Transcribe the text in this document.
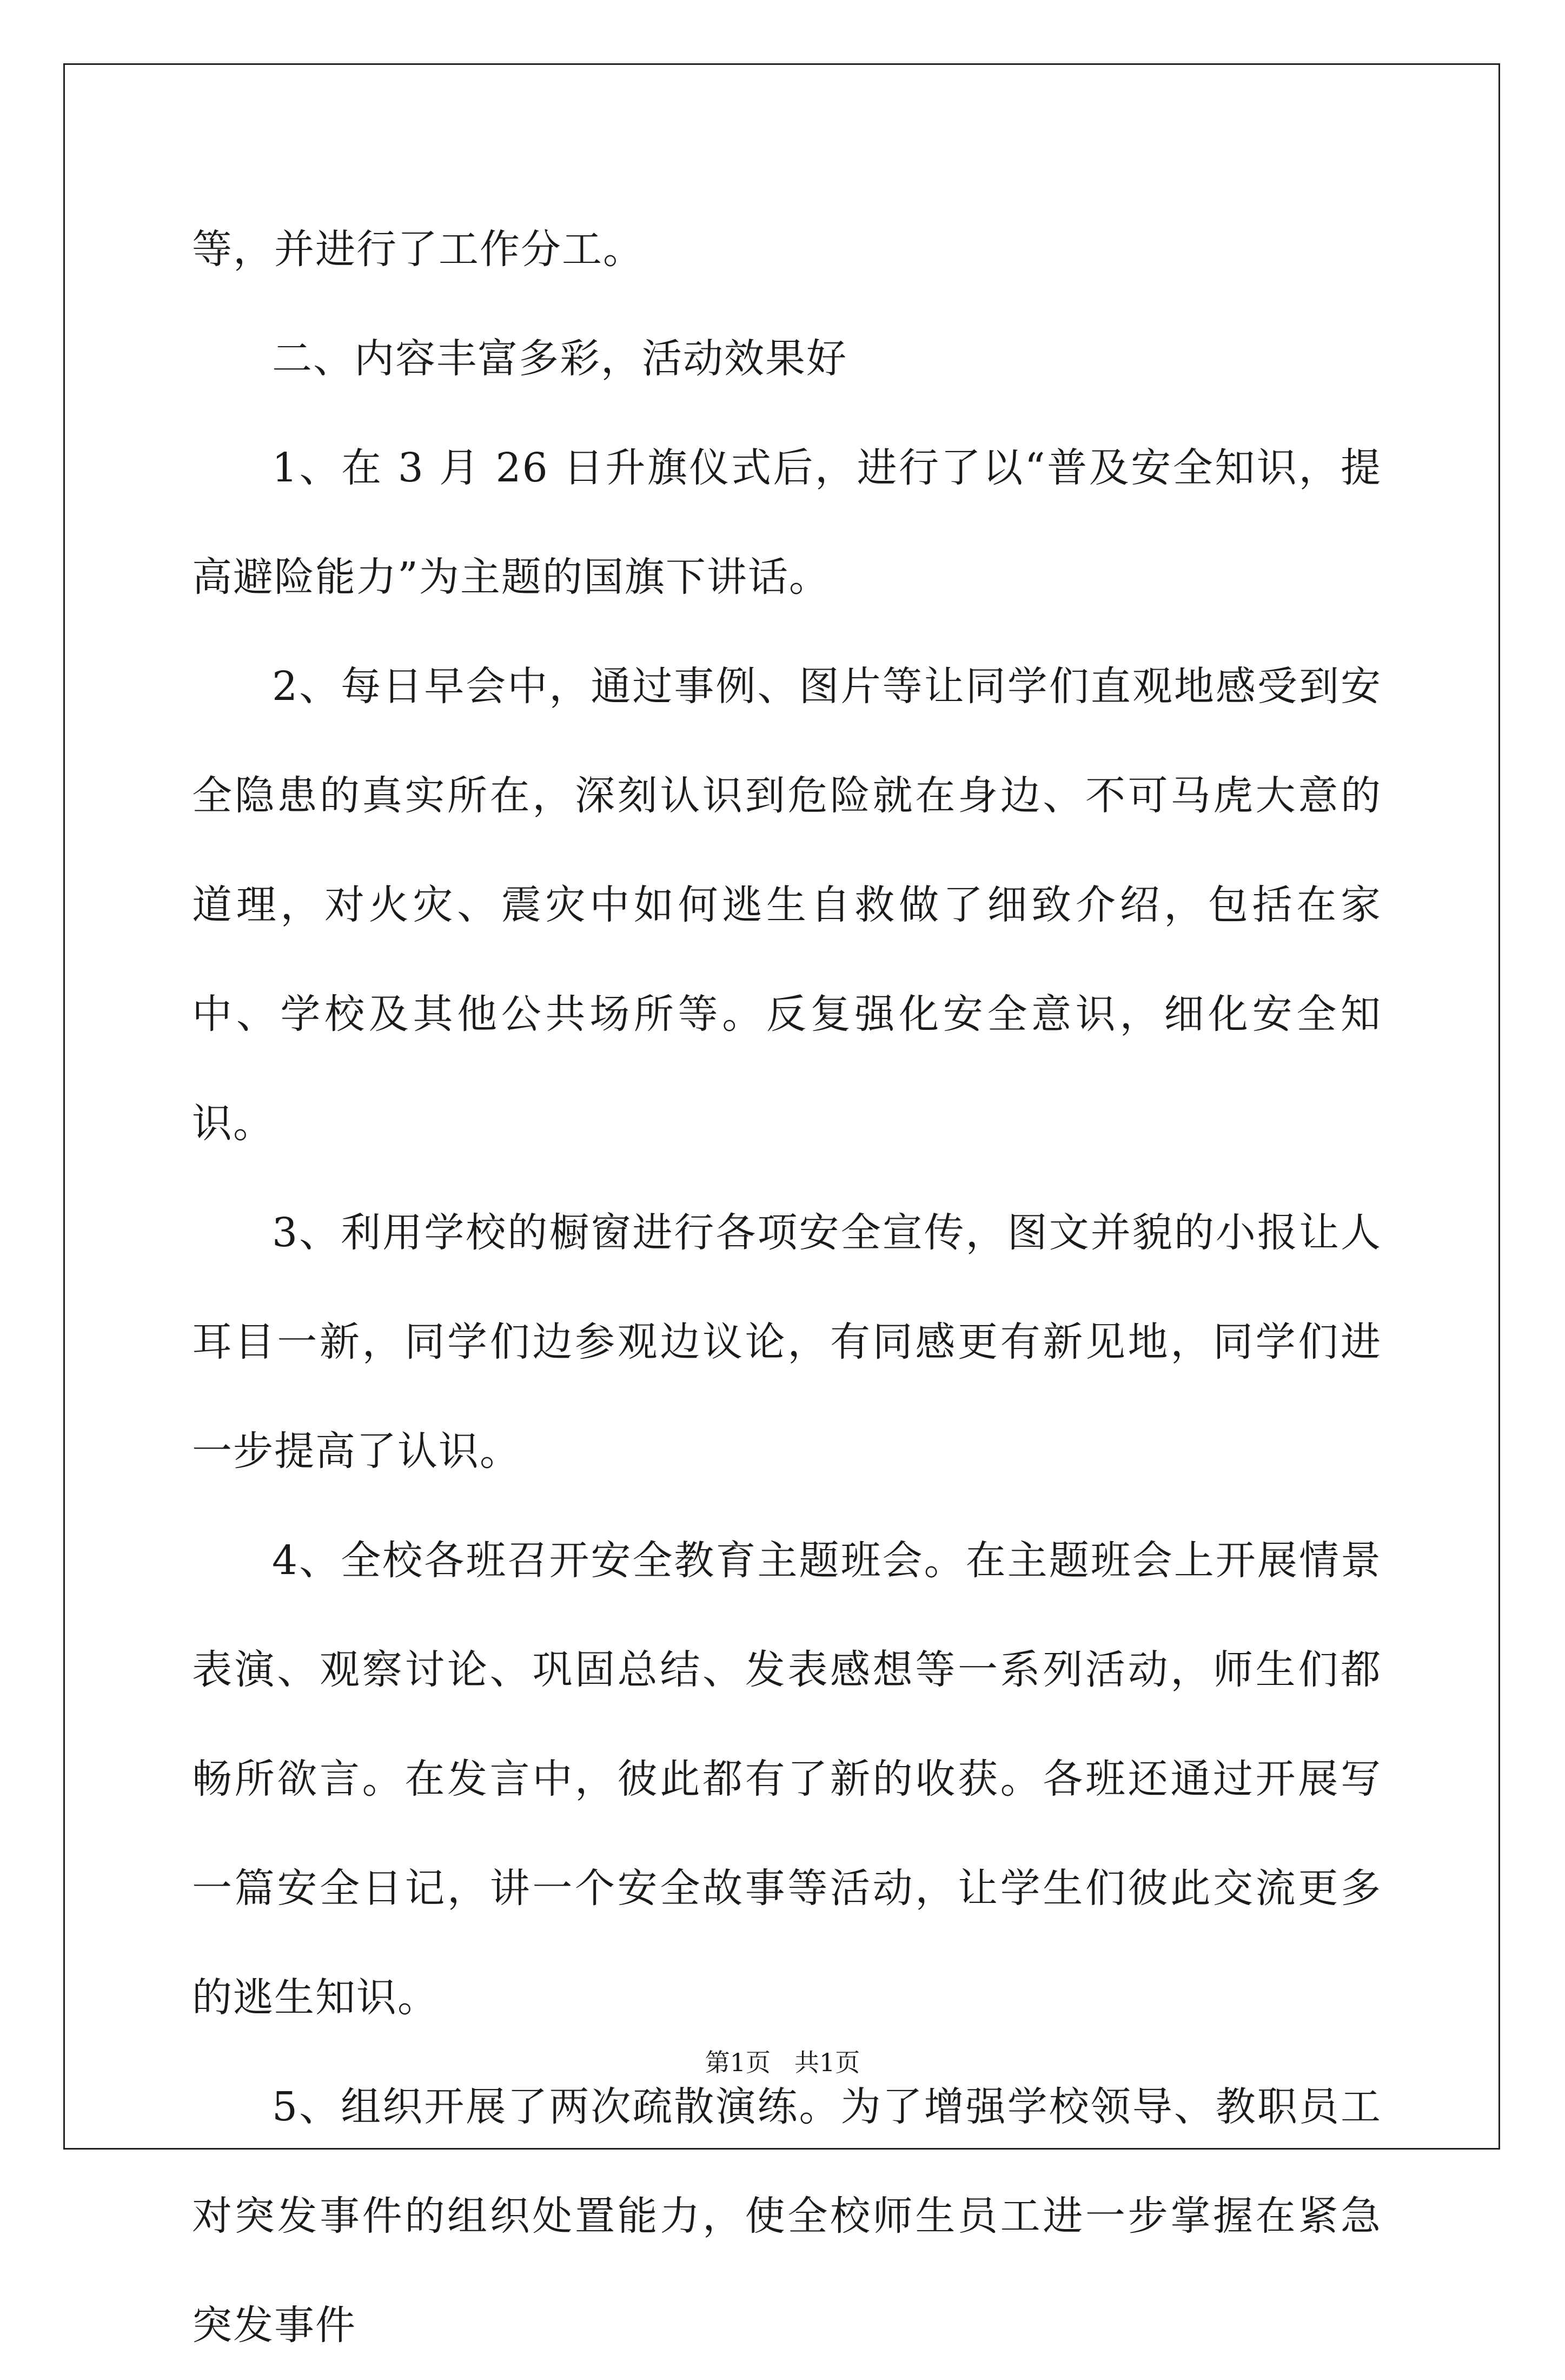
等，并进行了工作分工。

二、内容丰富多彩，活动效果好

1、在 3 月 26 日升旗仪式后，进行了以“普及安全知识，提高避险能力”为主题的国旗下讲话。

2、每日早会中，通过事例、图片等让同学们直观地感受到安全隐患的真实所在，深刻认识到危险就在身边、不可马虎大意的道理，对火灾、震灾中如何逃生自救做了细致介绍，包括在家中、学校及其他公共场所等。反复强化安全意识，细化安全知识。

3、利用学校的橱窗进行各项安全宣传，图文并貌的小报让人耳目一新，同学们边参观边议论，有同感更有新见地，同学们进一步提高了认识。

4、全校各班召开安全教育主题班会。在主题班会上开展情景表演、观察讨论、巩固总结、发表感想等一系列活动，师生们都畅所欲言。在发言中，彼此都有了新的收获。各班还通过开展写一篇安全日记，讲一个安全故事等活动，让学生们彼此交流更多的逃生知识。

5、组织开展了两次疏散演练。为了增强学校领导、教职员工对突发事件的组织处置能力，使全校师生员工进一步掌握在紧急突发事件

第1页 共1页
